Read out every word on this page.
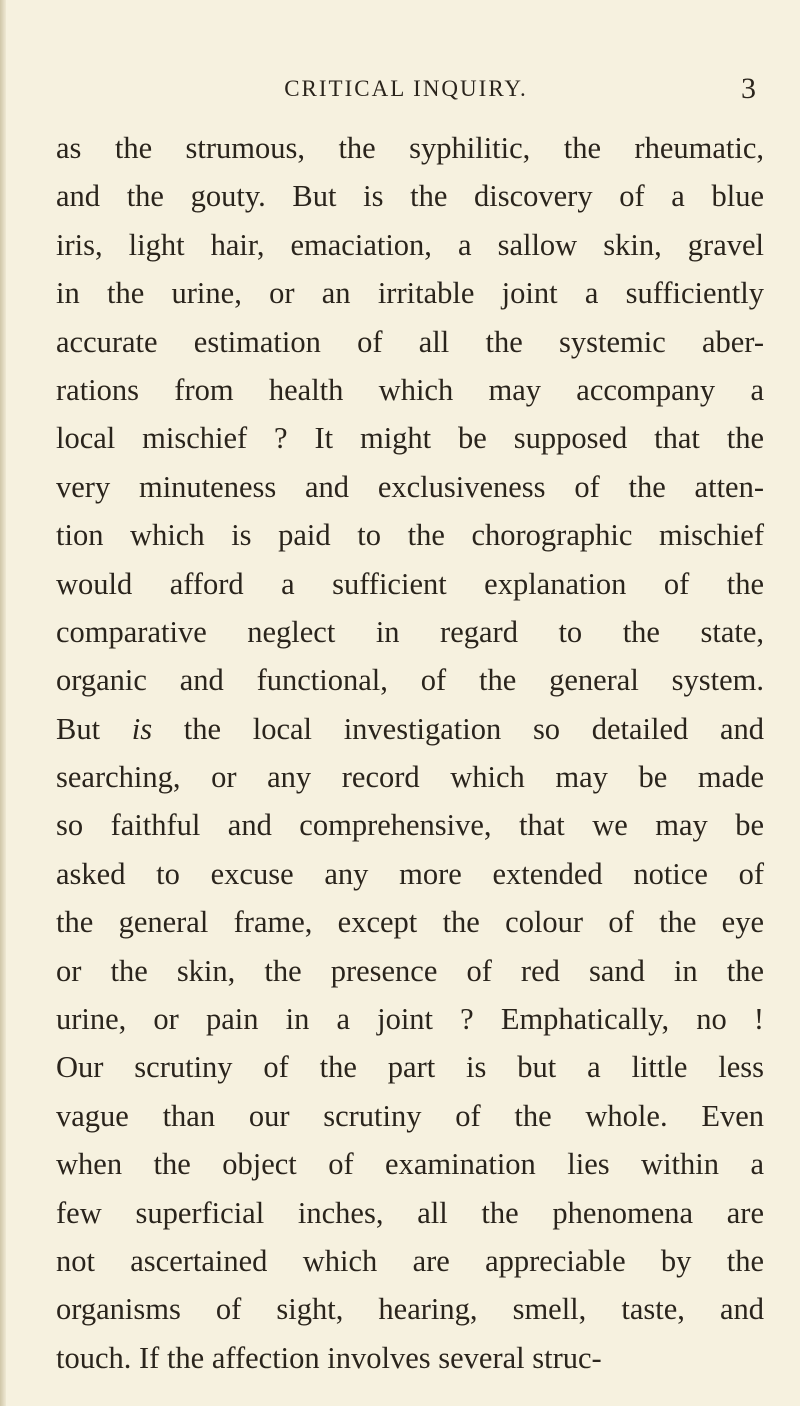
CRITICAL INQUIRY.	3
as the strumous, the syphilitic, the rheumatic,
and the gouty. But is the discovery of a blue
iris, light hair, emaciation, a sallow skin, gravel
in the urine, or an irritable joint a sufficiently
accurate estimation of all the systemic aber-
rations from health which may accompany a
local mischief ? It might be supposed that the
very minuteness and exclusiveness of the atten-
tion which is paid to the chorographic mischief
would afford a sufficient explanation of the
comparative neglect in regard to the state,
organic and functional, of the general system.
But is the local investigation so detailed and
searching, or any record which may be made
so faithful and comprehensive, that we may be
asked to excuse any more extended notice of
the general frame, except the colour of the eye
or the skin, the presence of red sand in the
urine, or pain in a joint ? Emphatically, no !
Our scrutiny of the part is but a little less
vague than our scrutiny of the whole. Even
when the object of examination lies within a
few superficial inches, all the phenomena are
not ascertained which are appreciable by the
organisms of sight, hearing, smell, taste, and
touch. If the affection involves several struc-
